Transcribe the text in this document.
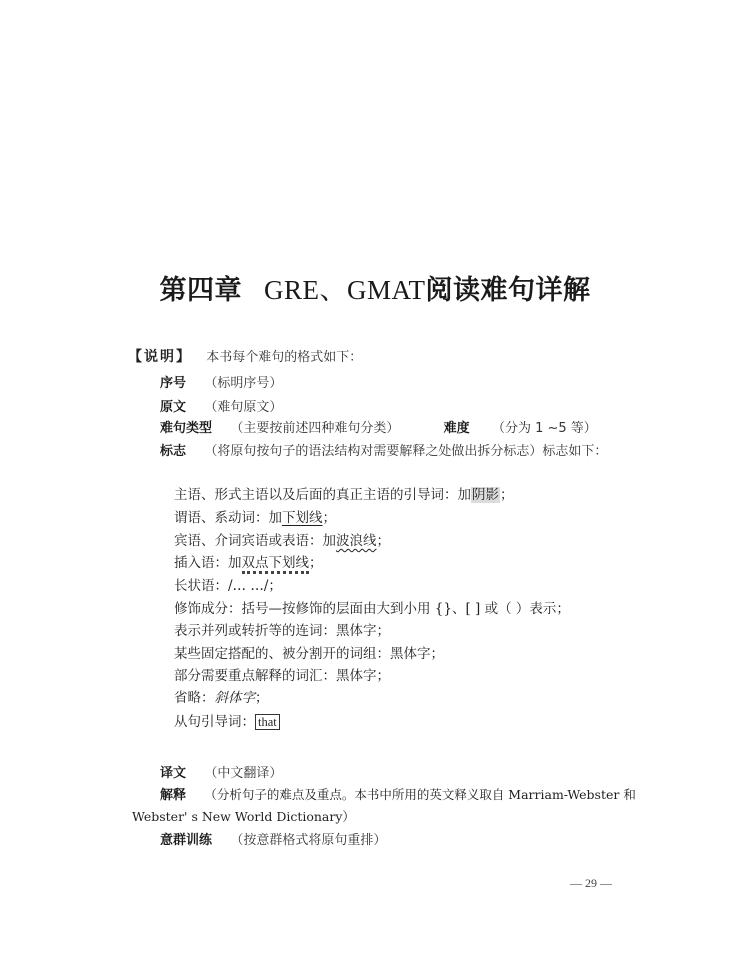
第四章 GRE、GMAT阅读难句详解
【说明】 本书每个难句的格式如下：
序号 （标明序号）
原文 （难句原文）
难句类型 （主要按前述四种难句分类）	难度 （分为 1 ~5 等）
标志 （将原句按句子的语法结构对需要解释之处做出拆分标志）标志如下：
主语、形式主语以及后面的真正主语的引导词：加阴影；
谓语、系动词：加下划线；
宾语、介词宾语或表语：加波浪线；
插入语：加双点下划线；
长状语：/… …/；
修饰成分：括号—按修饰的层面由大到小用 {}、[ ] 或（ ）表示；
表示并列或转折等的连词：黑体字；
某些固定搭配的、被分割开的词组：黑体字；
部分需要重点解释的词汇：黑体字；
省略：斜体字；
从句引导词： that
译文 （中文翻译）
解释 （分析句子的难点及重点。本书中所用的英文释义取自 Marriam-Webster 和
Webster' s New World Dictionary）
意群训练 （按意群格式将原句重排）
— 29 —
